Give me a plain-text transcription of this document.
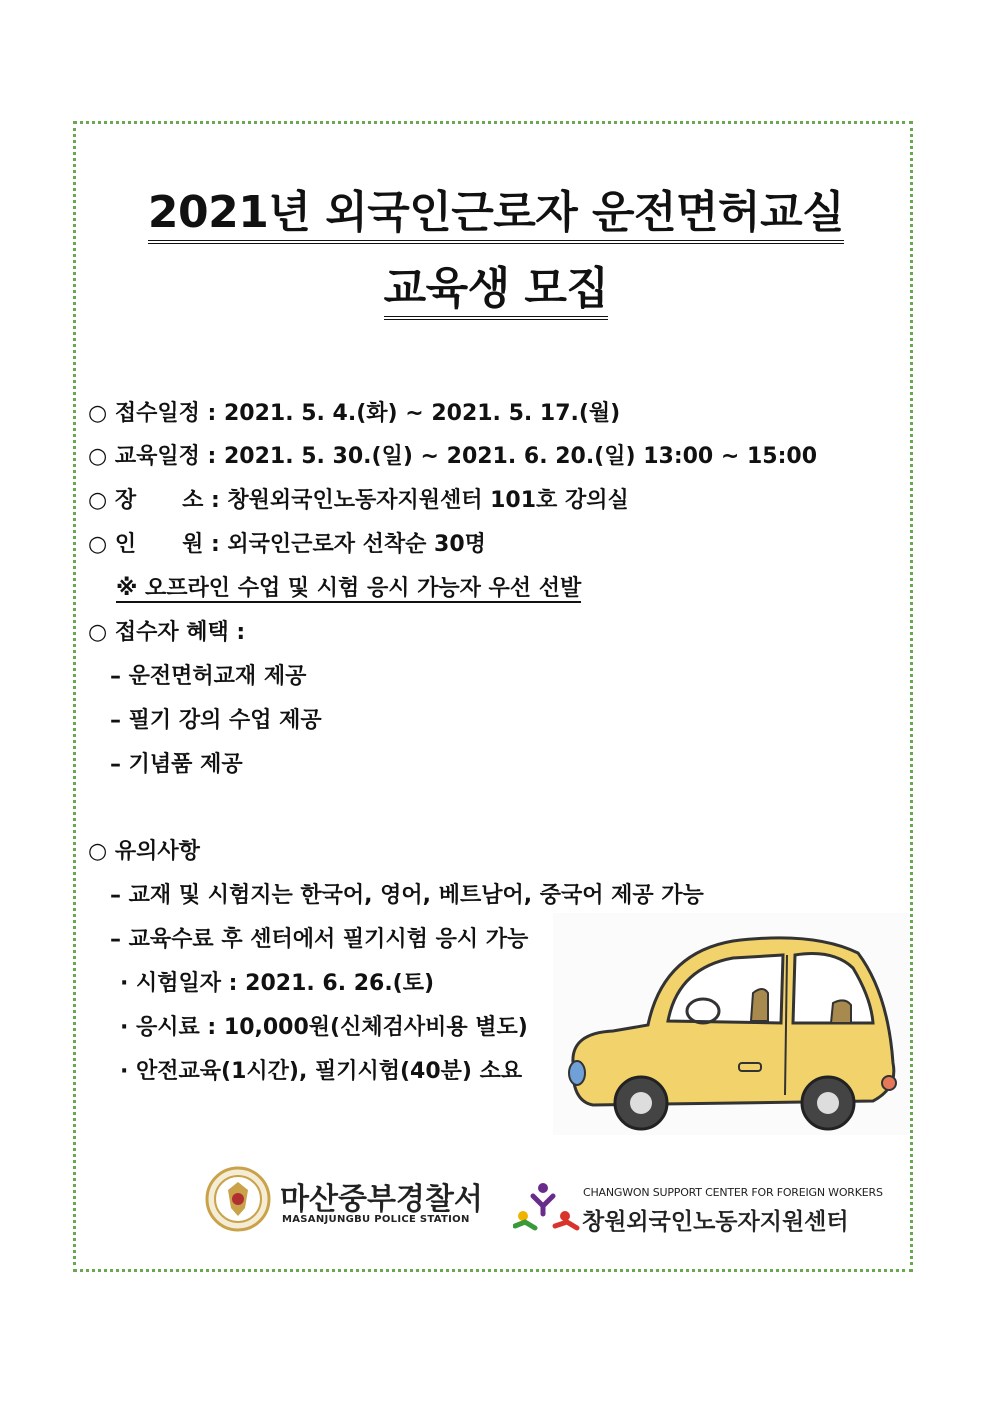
2021년 외국인근로자 운전면허교실
교육생 모집
○ 접수일정 : 2021. 5. 4.(화) ~ 2021. 5. 17.(월)
○ 교육일정 : 2021. 5. 30.(일) ~ 2021. 6. 20.(일) 13:00 ~ 15:00
○ 장      소 : 창원외국인노동자지원센터 101호 강의실
○ 인      원 : 외국인근로자 선착순 30명
※ 오프라인 수업 및 시험 응시 가능자 우선 선발
○ 접수자 혜택 :
– 운전면허교재 제공
– 필기 강의 수업 제공
– 기념품 제공
○ 유의사항
– 교재 및 시험지는 한국어, 영어, 베트남어, 중국어 제공 가능
– 교육수료 후 센터에서 필기시험 응시 가능
· 시험일자 : 2021. 6. 26.(토)
· 응시료 : 10,000원(신체검사비용 별도)
· 안전교육(1시간), 필기시험(40분) 소요
마산중부경찰서
MASANJUNGBU POLICE STATION
CHANGWON SUPPORT CENTER FOR FOREIGN WORKERS
창원외국인노동자지원센터
